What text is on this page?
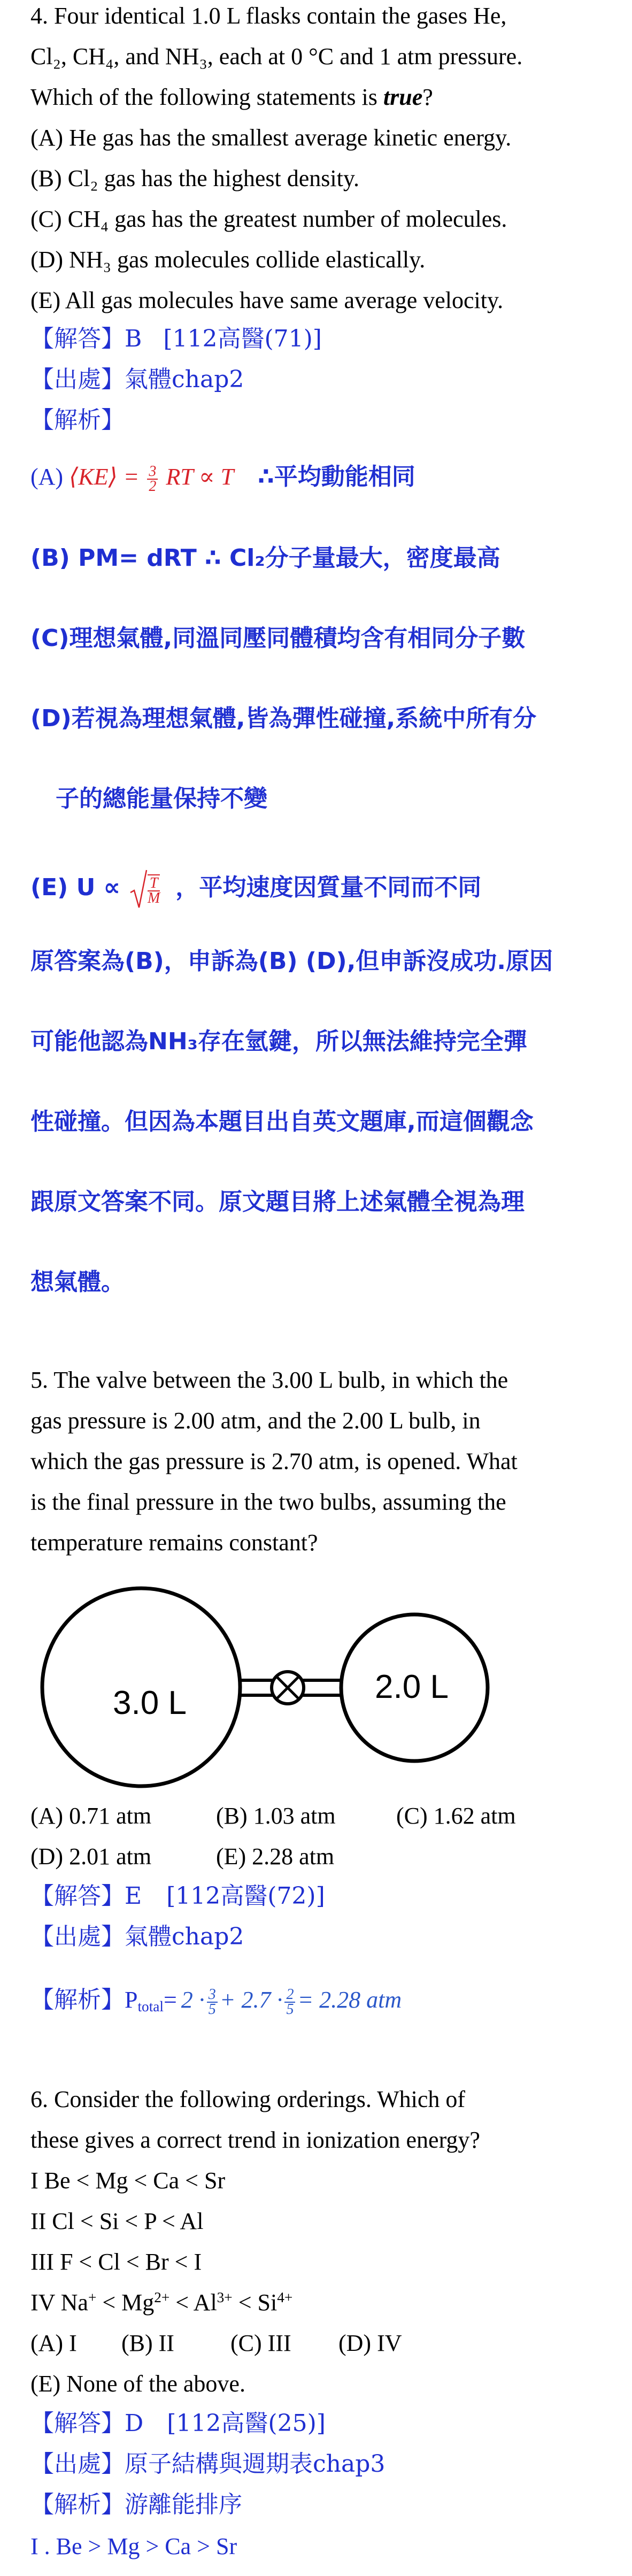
4. Four identical 1.0 L flasks contain the gases He,
Cl₂, CH₄, and NH₃, each at 0 °C and 1 atm pressure.
Which of the following statements is true?
(A) He gas has the smallest average kinetic energy.
(B) Cl₂ gas has the highest density.
(C) CH₄ gas has the greatest number of molecules.
(D) NH₃ gas molecules collide elastically.
(E) All gas molecules have same average velocity.
【解答】B [112高醫(71)]
【出處】氣體chap2
【解析】
(A) ⟨KE⟩ = $\frac{3}{2}$ RT ∝ T ∴平均動能相同
(B) PM= dRT ∴ Cl₂分子量最大，密度最高
(C)理想氣體,同溫同壓同體積均含有相同分子數
(D)若視為理想氣體,皆為彈性碰撞,系統中所有分
子的總能量保持不變
(E) $U \propto \frac{T}{M}$ ，平均速度因質量不同而不同
原答案為(B)，申訴為(B) (D),但申訴沒成功.原因
可能他認為NH₃存在氫鍵，所以無法維持完全彈
性碰撞。但因為本題目出自英文題庫,而這個觀念
跟原文答案不同。原文題目將上述氣體全視為理
想氣體。
5. The valve between the 3.00 L bulb, in which the
gas pressure is 2.00 atm, and the 2.00 L bulb, in
which the gas pressure is 2.70 atm, is opened. What
is the final pressure in the two bulbs, assuming the
temperature remains constant?
3.0 L	2.0 L
(A) 0.71 atm	(B) 1.03 atm	(C) 1.62 atm
(D) 2.01 atm	(E) 2.28 atm
【解答】E [112高醫(72)]
【出處】氣體chap2
【解析】$P_{total}= 2 \cdot \frac{3}{5} + 2.7 \cdot \frac{2}{5} = 2.28$ atm
6. Consider the following orderings. Which of
these gives a correct trend in ionization energy?
I Be < Mg < Ca < Sr
II Cl < Si < P < Al
III F < Cl < Br < I
IV $Na^+ < Mg^{2+} < Al^{3+} < Si^{4+}$
(A) I (B) II (C) III (D) IV
(E) None of the above.
【解答】D [112高醫(25)]
【出處】原子結構與週期表chap3
【解析】游離能排序
I . Be > Mg > Ca > Sr
